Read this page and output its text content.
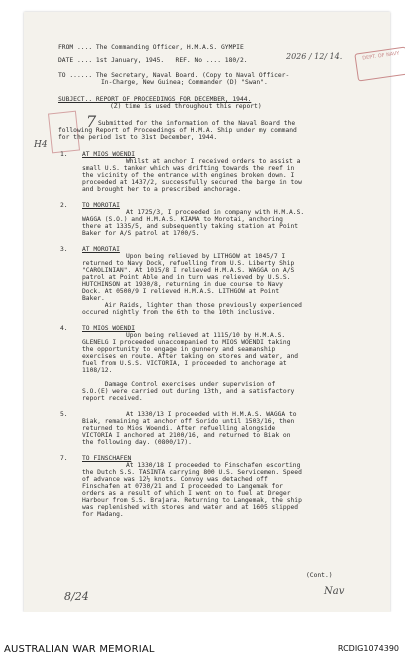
DEPT. OF NAVY
FROM .... The Commanding Officer, H.M.A.S. GYMPIE
DATE .... 1st January, 1945.   REF. No .... 180/2.	2026 / 12/ 14.
TO ...... The Secretary, Naval Board. (Copy to Naval Officer-
In-Charge, New Guinea; Commander (D) "Swan".
SUBJECT.. REPORT OF PROCEEDINGS FOR DECEMBER, 1944.
(Z) time is used throughout this report)
7
H4
Submitted for the information of the Naval Board the
following Report of Proceedings of H.M.A. Ship under my command
for the period 1st to 31st December, 1944.
1. AT MIOS WOENDI
Whilst at anchor I received orders to assist a
small U.S. tanker which was drifting towards the reef in
the vicinity of the entrance with engines broken down. I
proceeded at 1437/2, successfully secured the barge in tow
and brought her to a prescribed anchorage.
2. TO MOROTAI
At 1725/3, I proceeded in company with H.M.A.S.
WAGGA (S.O.) and H.M.A.S. KIAMA to Morotai, anchoring
there at 1335/5, and subsequently taking station at Point
Baker for A/S patrol at 1700/5.
3. AT MOROTAI
Upon being relieved by LITHGOW at 1045/7 I
returned to Navy Dock, refuelling from U.S. Liberty Ship
"CAROLINIAN". At 1015/8 I relieved H.M.A.S. WAGGA on A/S
patrol at Point Able and in turn was relieved by U.S.S.
HUTCHINSON at 1930/8, returning in due course to Navy
Dock. At 0500/9 I relieved H.M.A.S. LITHGOW at Point
Baker.
Air Raids, lighter than those previously experienced
occured nightly from the 6th to the 10th inclusive.
4. TO MIOS WOENDI
Upon being relieved at 1115/10 by H.M.A.S.
GLENELG I proceeded unaccompanied to MIOS WOENDI taking
the opportunity to engage in gunnery and seamanship
exercises en route. After taking on stores and water, and
fuel from U.S.S. VICTORIA, I proceeded to anchorage at
1108/12.
Damage Control exercises under supervision of
S.O.(E) were carried out during 13th, and a satisfactory
report received.
5.	At 1330/13 I proceeded with H.M.A.S. WAGGA to
Biak, remaining at anchor off Sorido until 1503/16, then
returned to Mios Woendi. After refuelling alongside
VICTORIA I anchored at 2100/16, and returned to Biak on
the following day. (0800/17).
7. TO FINSCHAFEN
At 1330/18 I proceeded to Finschafen escorting
the Dutch S.S. TASINTA carrying 800 U.S. Servicemen. Speed
of advance was 12½ knots. Convoy was detached off
Finschafen at 0730/21 and I proceeded to Langemak for
orders as a result of which I went on to fuel at Dreger
Harbour from S.S. Brajara. Returning to Langemak, the ship
was replenished with stores and water and at 1605 slipped
for Madang.
(Cont.)
Nav
8/24
AUSTRALIAN WAR MEMORIAL	RCDIG1074390
